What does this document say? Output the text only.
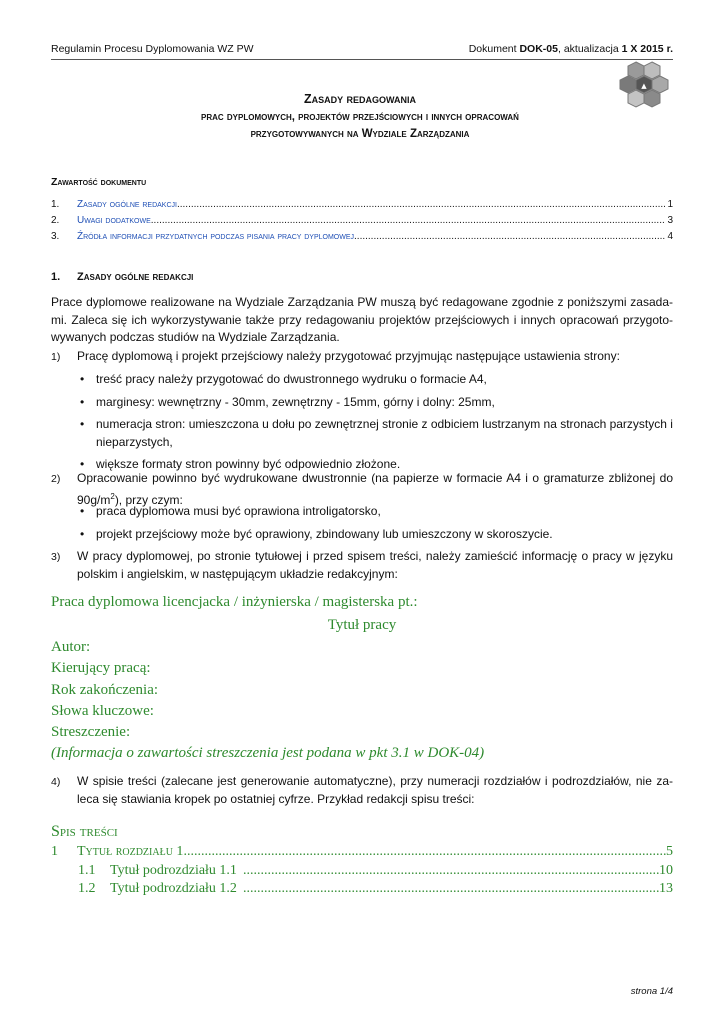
Regulamin Procesu Dyplomowania WZ PW	Dokument DOK-05, aktualizacja 1 X 2015 r.
▲
Zasady redagowania
prac dyplomowych, projektów przejściowych i innych opracowań
przygotowywanych na Wydziale Zarządzania
Zawartość dokumentu
1.	Zasady ogólne redakcji .....	1
2.	Uwagi dodatkowe .....	3
3.	Źródła informacji przydatnych podczas pisania pracy dyplomowej .....	4
1. Zasady ogólne redakcji
Prace dyplomowe realizowane na Wydziale Zarządzania PW muszą być redagowane zgodnie z poniższymi zasada-mi. Zaleca się ich wykorzystywanie także przy redagowaniu projektów przejściowych i innych opracowań przygoto-wywanych podczas studiów na Wydziale Zarządzania.
1) Pracę dyplomową i projekt przejściowy należy przygotować przyjmując następujące ustawienia strony:
• treść pracy należy przygotować do dwustronnego wydruku o formacie A4,
• marginesy: wewnętrzny - 30mm, zewnętrzny - 15mm, górny i dolny: 25mm,
• numeracja stron: umieszczona u dołu po zewnętrznej stronie z odbiciem lustrzanym na stronach parzystych i nieparzystych,
• większe formaty stron powinny być odpowiednio złożone.
2) Opracowanie powinno być wydrukowane dwustronnie (na papierze w formacie A4 i o gramaturze zbliżonej do $90g/m^2$), przy czym:
• praca dyplomowa musi być oprawiona introligatorsko,
• projekt przejściowy może być oprawiony, zbindowany lub umieszczony w skoroszycie.
3) W pracy dyplomowej, po stronie tytułowej i przed spisem treści, należy zamieścić informację o pracy w języku polskim i angielskim, w następującym układzie redakcyjnym:
Praca dyplomowa licencjacka / inżynierska / magisterska pt.:
Tytuł pracy
Autor:
Kierujący pracą:
Rok zakończenia:
Słowa kluczowe:
Streszczenie:
(Informacja o zawartości streszczenia jest podana w pkt 3.1 w DOK-04)
4) W spisie treści (zalecane jest generowanie automatyczne), przy numeracji rozdziałów i podrozdziałów, nie za-leca się stawiania kropek po ostatniej cyfrze. Przykład redakcji spisu treści:
Spis treści
1	Tytuł rozdziału 1 .....	5
1.1	Tytuł podrozdziału 1.1 .....	10
1.2	Tytuł podrozdziału 1.2 .....	13
strona 1/4
